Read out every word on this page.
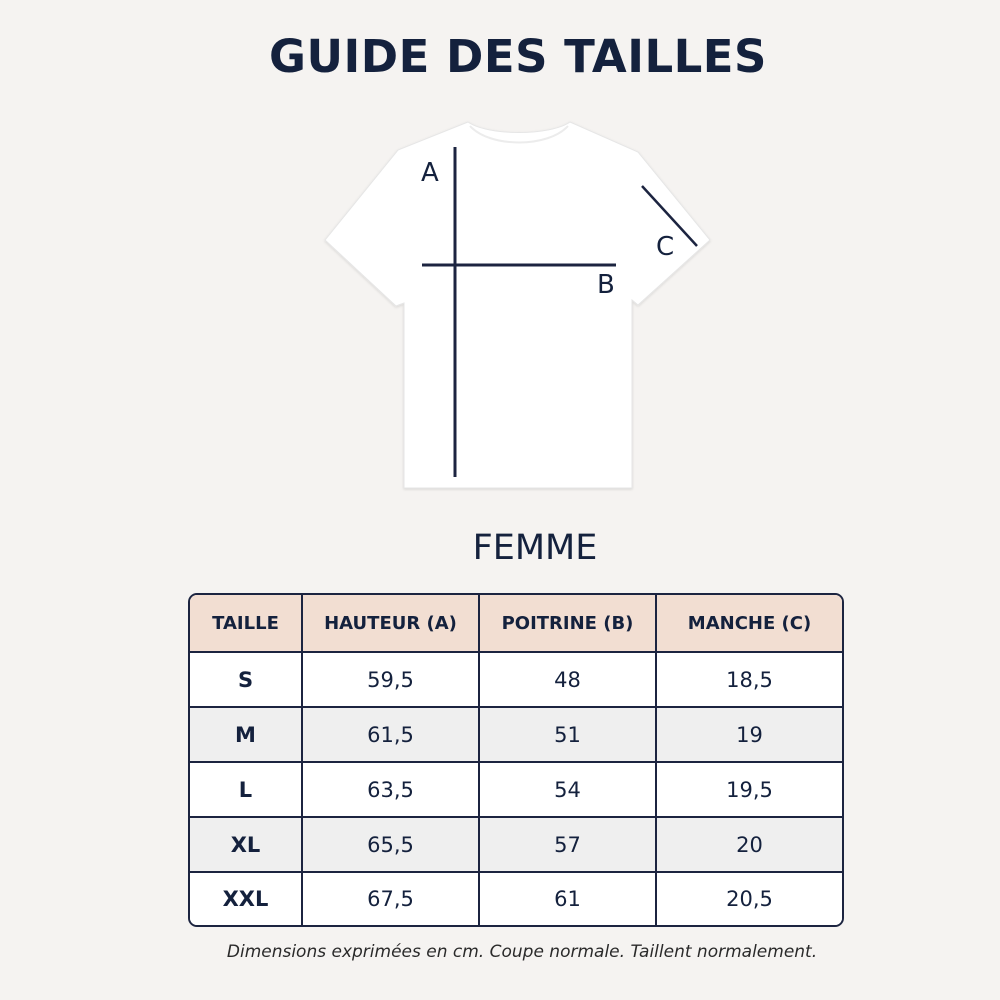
GUIDE DES TAILLES
A
B
C
FEMME
TAILLE	HAUTEUR (A)	POITRINE (B)	MANCHE (C)
S	59,5	48	18,5
M	61,5	51	19
L	63,5	54	19,5
XL	65,5	57	20
XXL	67,5	61	20,5
Dimensions exprimées en cm. Coupe normale. Taillent normalement.
